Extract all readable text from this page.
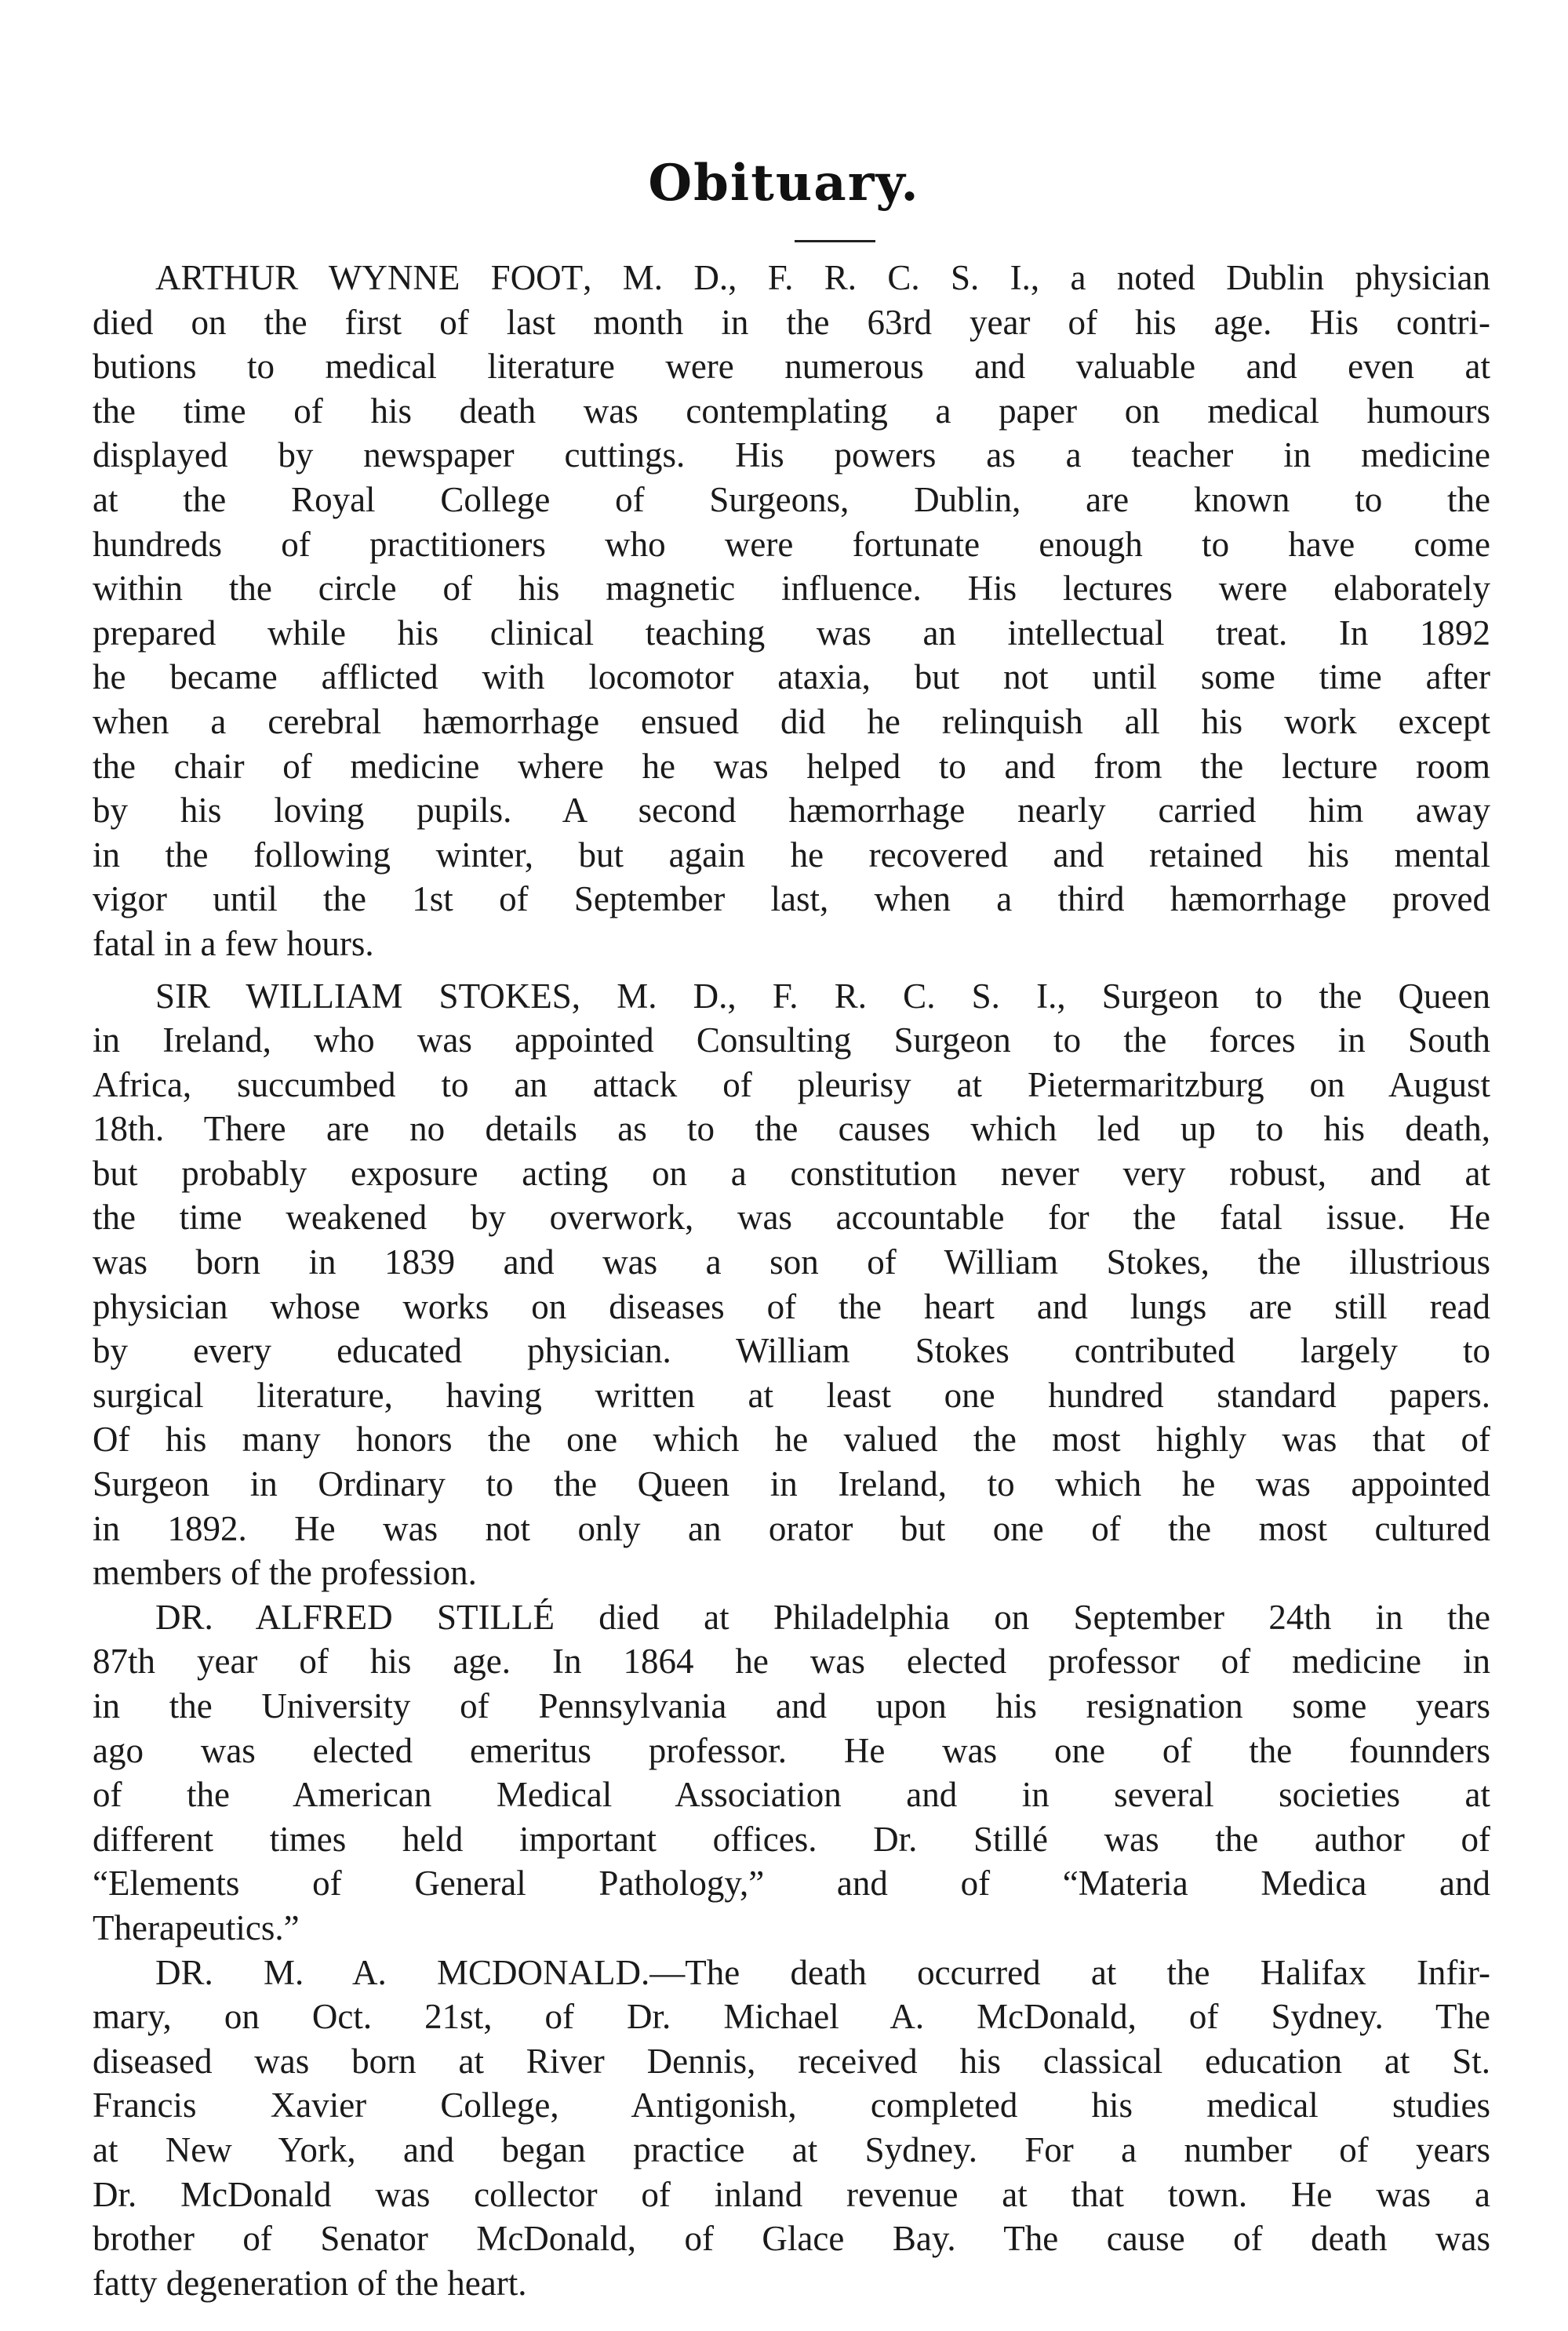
Obituary.
ARTHUR WYNNE FOOT, M. D., F. R. C. S. I., a noted Dublin physician
died on the first of last month in the 63rd year of his age. His contri-
butions to medical literature were numerous and valuable and even at
the time of his death was contemplating a paper on medical humours
displayed by newspaper cuttings. His powers as a teacher in medicine
at the Royal College of Surgeons, Dublin, are known to the
hundreds of practitioners who were fortunate enough to have come
within the circle of his magnetic influence. His lectures were elaborately
prepared while his clinical teaching was an intellectual treat. In 1892
he became afflicted with locomotor ataxia, but not until some time after
when a cerebral hæmorrhage ensued did he relinquish all his work except
the chair of medicine where he was helped to and from the lecture room
by his loving pupils. A second hæmorrhage nearly carried him away
in the following winter, but again he recovered and retained his mental
vigor until the 1st of September last, when a third hæmorrhage proved
fatal in a few hours.
SIR WILLIAM STOKES, M. D., F. R. C. S. I., Surgeon to the Queen
in Ireland, who was appointed Consulting Surgeon to the forces in South
Africa, succumbed to an attack of pleurisy at Pietermaritzburg on August
18th. There are no details as to the causes which led up to his death,
but probably exposure acting on a constitution never very robust, and at
the time weakened by overwork, was accountable for the fatal issue. He
was born in 1839 and was a son of William Stokes, the illustrious
physician whose works on diseases of the heart and lungs are still read
by every educated physician. William Stokes contributed largely to
surgical literature, having written at least one hundred standard papers.
Of his many honors the one which he valued the most highly was that of
Surgeon in Ordinary to the Queen in Ireland, to which he was appointed
in 1892. He was not only an orator but one of the most cultured
members of the profession.
DR. ALFRED STILLÉ died at Philadelphia on September 24th in the
87th year of his age. In 1864 he was elected professor of medicine in
in the University of Pennsylvania and upon his resignation some years
ago was elected emeritus professor. He was one of the founnders
of the American Medical Association and in several societies at
different times held important offices. Dr. Stillé was the author of
“Elements of General Pathology,” and of “Materia Medica and
Therapeutics.”
DR. M. A. MCDONALD.—The death occurred at the Halifax Infir-
mary, on Oct. 21st, of Dr. Michael A. McDonald, of Sydney. The
diseased was born at River Dennis, received his classical education at St.
Francis Xavier College, Antigonish, completed his medical studies
at New York, and began practice at Sydney. For a number of years
Dr. McDonald was collector of inland revenue at that town. He was a
brother of Senator McDonald, of Glace Bay. The cause of death was
fatty degeneration of the heart.
